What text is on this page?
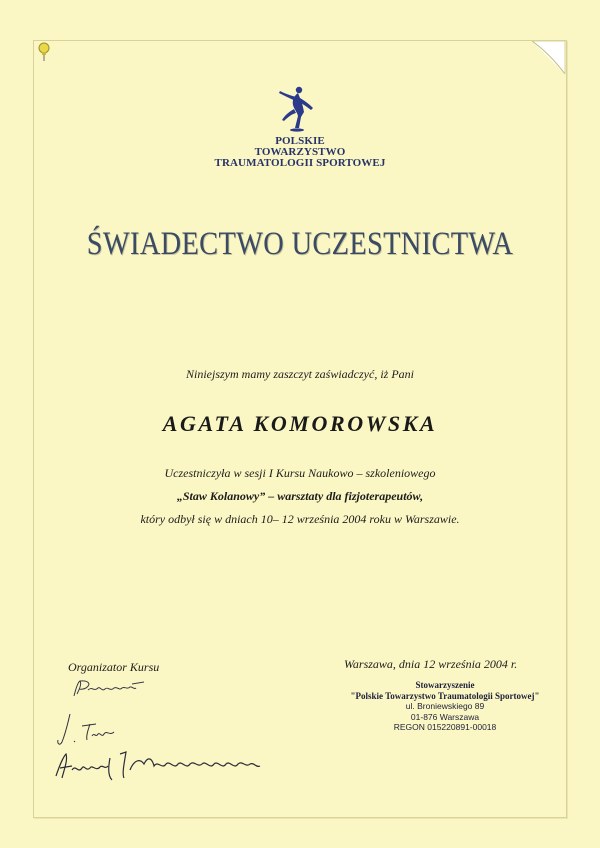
POLSKIE
TOWARZYSTWO
TRAUMATOLOGII SPORTOWEJ
ŚWIADECTWO UCZESTNICTWA
Niniejszym mamy zaszczyt zaświadczyć, iż Pani
AGATA KOMOROWSKA
Uczestniczyła w sesji I Kursu Naukowo – szkoleniowego
„Staw Kolanowy” – warsztaty dla fizjoterapeutów,
który odbył się w dniach 10– 12 września 2004 roku w Warszawie.
Organizator Kursu	Warszawa, dnia 12 września 2004 r.
Stowarzyszenie
"Polskie Towarzystwo Traumatologii Sportowej"
ul. Broniewskiego 89
01-876 Warszawa
REGON 015220891-00018
